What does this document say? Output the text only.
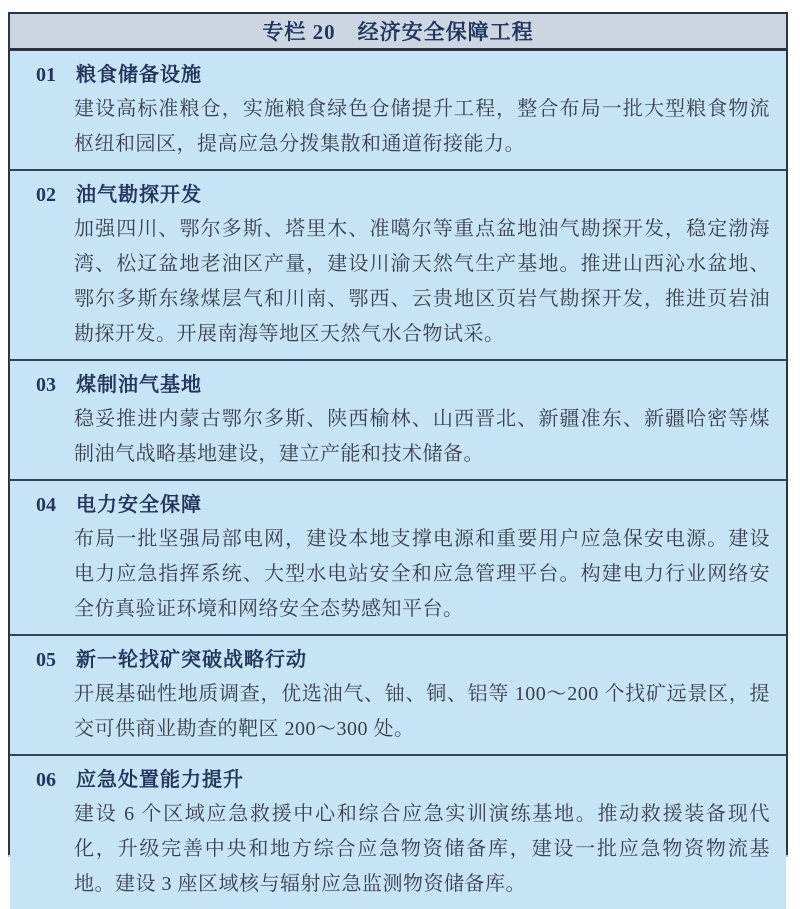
专栏 20　经济安全保障工程
01	粮食储备设施
建设高标准粮仓，实施粮食绿色仓储提升工程，整合布局一批大型粮食物流枢纽和园区，提高应急分拨集散和通道衔接能力。
02	油气勘探开发
加强四川、鄂尔多斯、塔里木、准噶尔等重点盆地油气勘探开发，稳定渤海湾、松辽盆地老油区产量，建设川渝天然气生产基地。推进山西沁水盆地、鄂尔多斯东缘煤层气和川南、鄂西、云贵地区页岩气勘探开发，推进页岩油勘探开发。开展南海等地区天然气水合物试采。
03	煤制油气基地
稳妥推进内蒙古鄂尔多斯、陕西榆林、山西晋北、新疆准东、新疆哈密等煤制油气战略基地建设，建立产能和技术储备。
04	电力安全保障
布局一批坚强局部电网，建设本地支撑电源和重要用户应急保安电源。建设电力应急指挥系统、大型水电站安全和应急管理平台。构建电力行业网络安全仿真验证环境和网络安全态势感知平台。
05	新一轮找矿突破战略行动
开展基础性地质调查，优选油气、铀、铜、铝等 100～200 个找矿远景区，提交可供商业勘查的靶区 200～300 处。
06	应急处置能力提升
建设 6 个区域应急救援中心和综合应急实训演练基地。推动救援装备现代化，升级完善中央和地方综合应急物资储备库，建设一批应急物资物流基地。建设 3 座区域核与辐射应急监测物资储备库。
